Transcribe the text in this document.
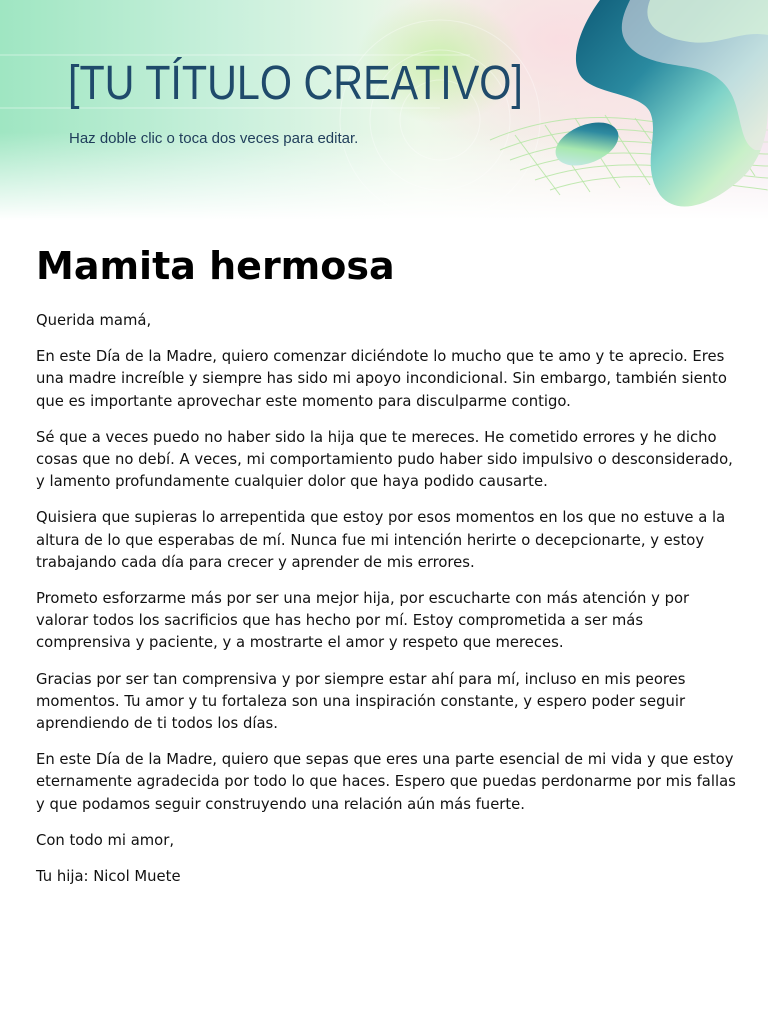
[TU TÍTULO CREATIVO]

Haz doble clic o toca dos veces para editar.

Mamita hermosa

Querida mamá,

En este Día de la Madre, quiero comenzar diciéndote lo mucho que te amo y te aprecio. Eres una madre increíble y siempre has sido mi apoyo incondicional. Sin embargo, también siento que es importante aprovechar este momento para disculparme contigo.

Sé que a veces puedo no haber sido la hija que te mereces. He cometido errores y he dicho cosas que no debí. A veces, mi comportamiento pudo haber sido impulsivo o desconsiderado, y lamento profundamente cualquier dolor que haya podido causarte.

Quisiera que supieras lo arrepentida que estoy por esos momentos en los que no estuve a la altura de lo que esperabas de mí. Nunca fue mi intención herirte o decepcionarte, y estoy trabajando cada día para crecer y aprender de mis errores.

Prometo esforzarme más por ser una mejor hija, por escucharte con más atención y por valorar todos los sacrificios que has hecho por mí. Estoy comprometida a ser más comprensiva y paciente, y a mostrarte el amor y respeto que mereces.

Gracias por ser tan comprensiva y por siempre estar ahí para mí, incluso en mis peores momentos. Tu amor y tu fortaleza son una inspiración constante, y espero poder seguir aprendiendo de ti todos los días.

En este Día de la Madre, quiero que sepas que eres una parte esencial de mi vida y que estoy eternamente agradecida por todo lo que haces. Espero que puedas perdonarme por mis fallas y que podamos seguir construyendo una relación aún más fuerte.

Con todo mi amor,

Tu hija: Nicol Muete
